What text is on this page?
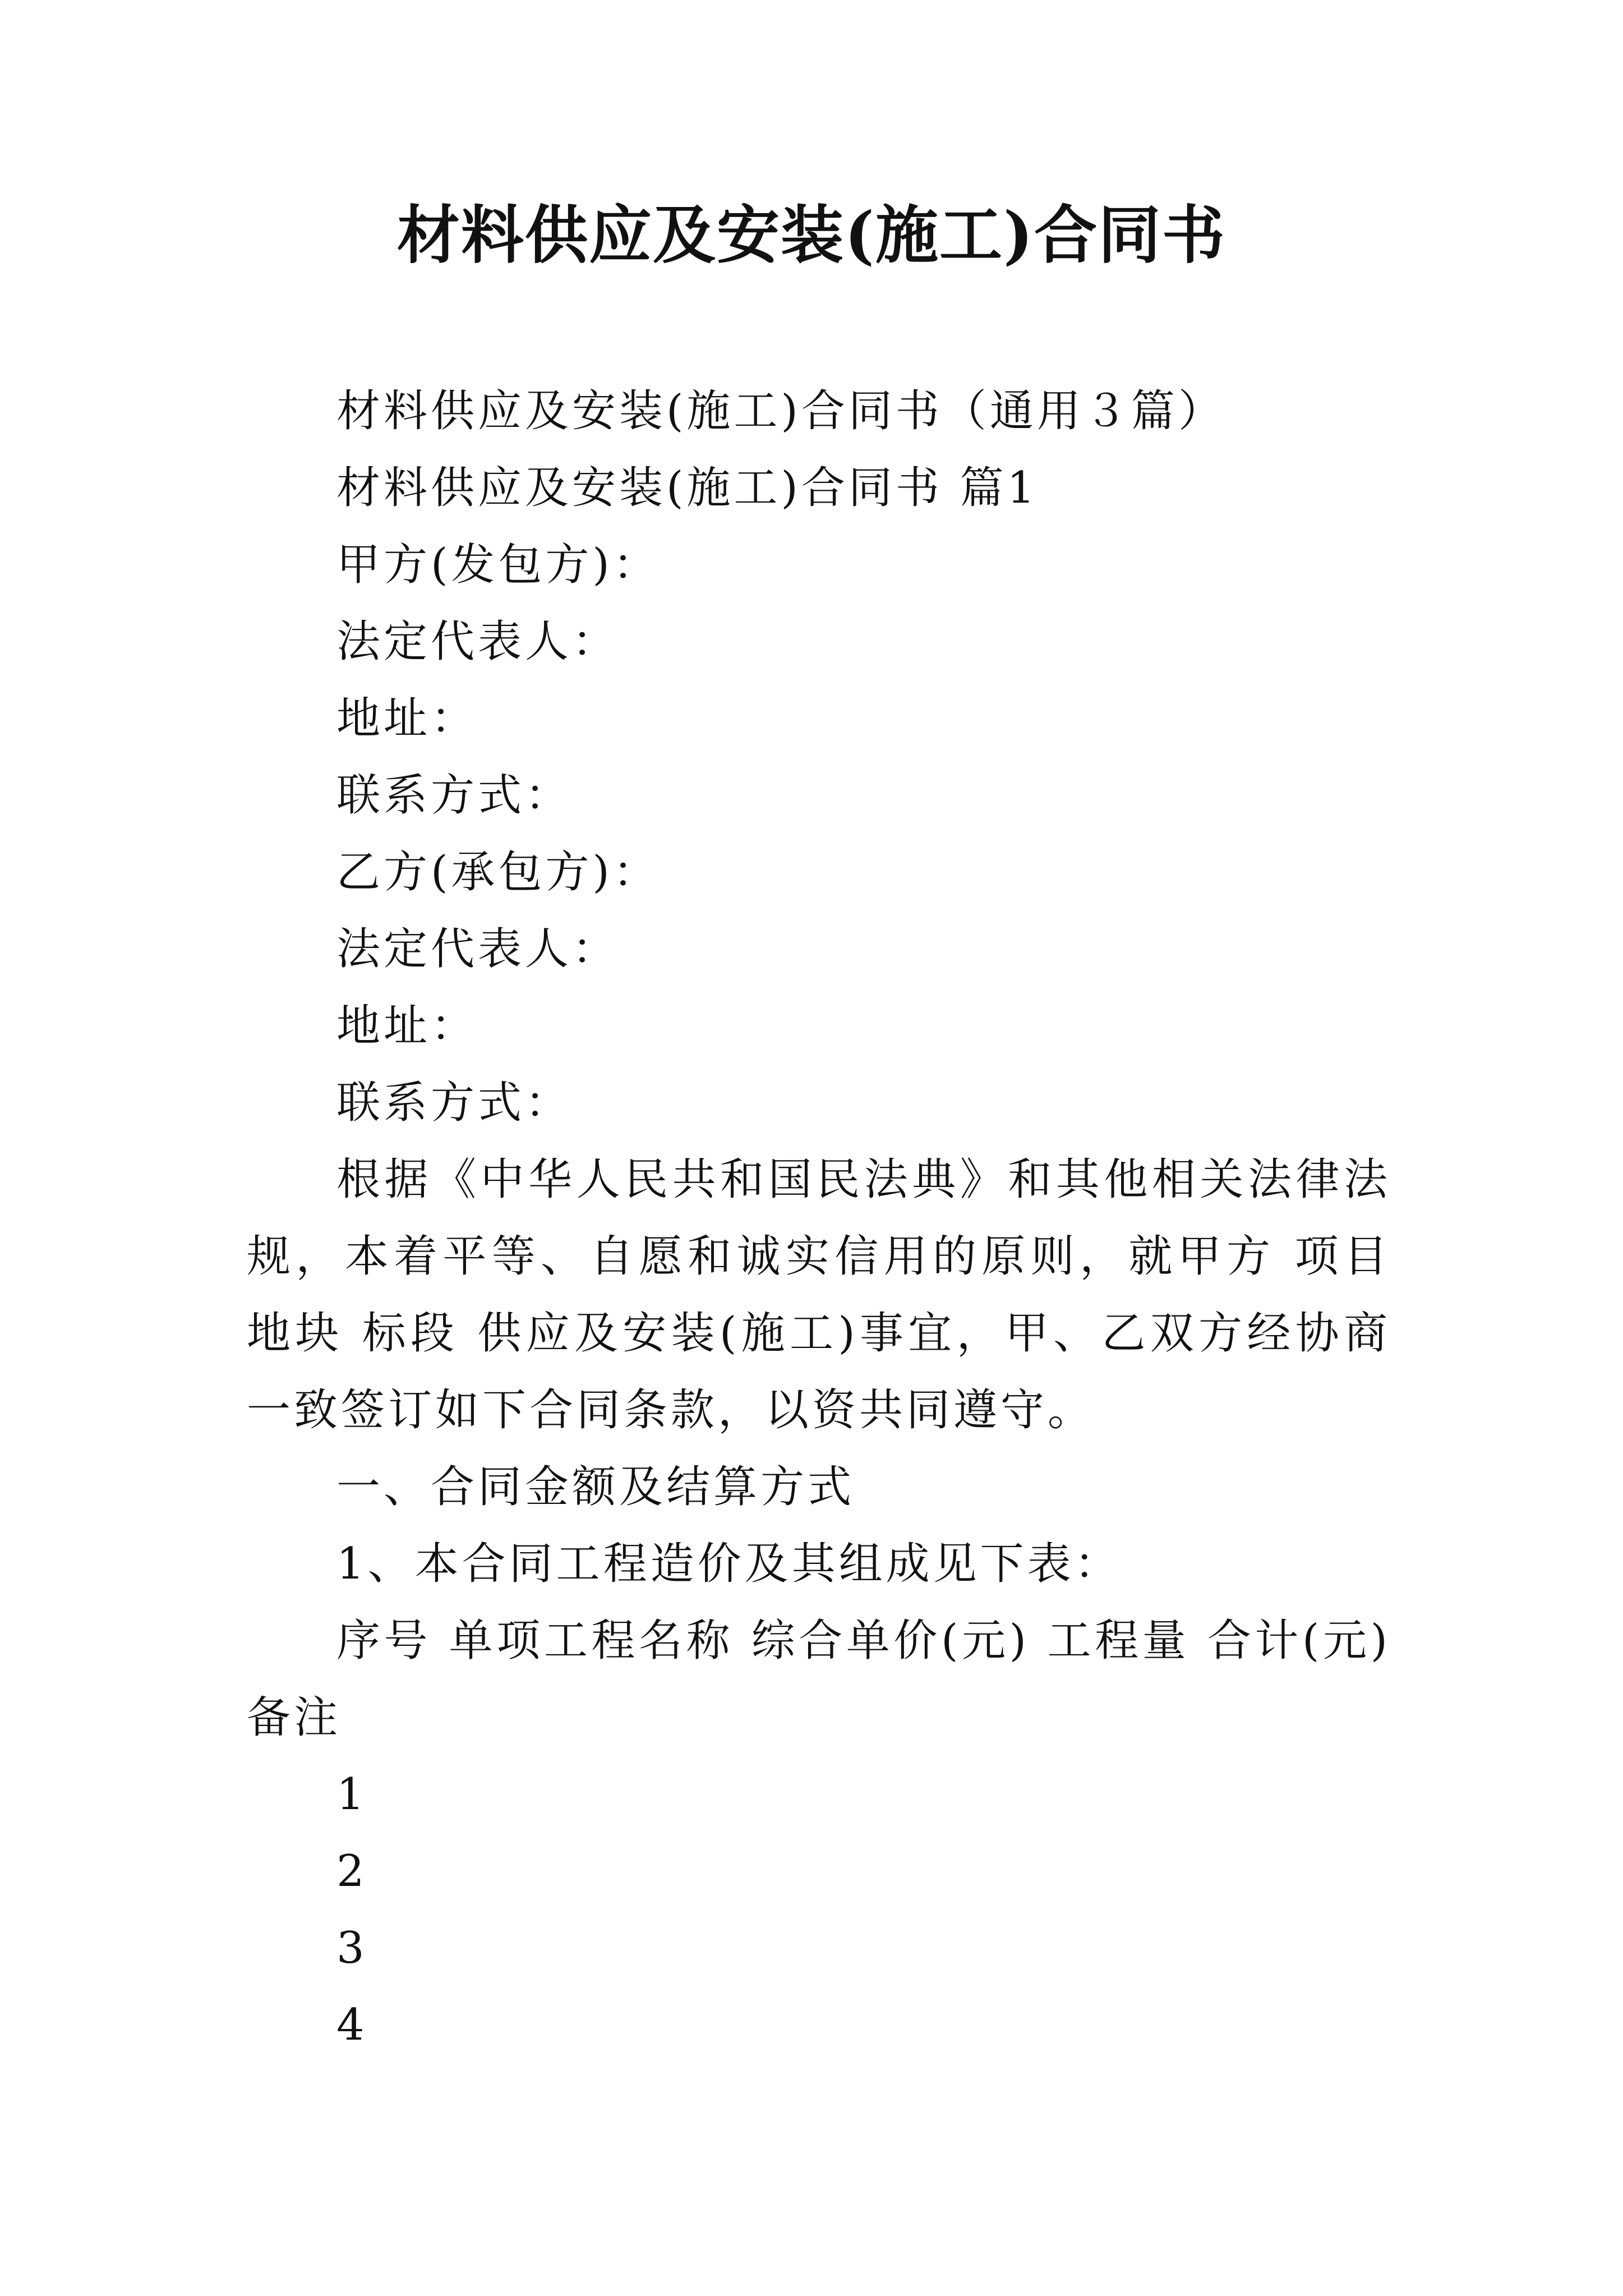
材料供应及安装(施工)合同书

材料供应及安装(施工)合同书（通用３篇）

材料供应及安装(施工)合同书 篇1

甲方(发包方)：

法定代表人：

地址：

联系方式：

乙方(承包方)：

法定代表人：

地址：

联系方式：

根据《中华人民共和国民法典》和其他相关法律法规，本着平等、自愿和诚实信用的原则，就甲方 项目 地块 标段 供应及安装(施工)事宜，甲、乙双方经协商一致签订如下合同条款，以资共同遵守。

一、合同金额及结算方式

1、本合同工程造价及其组成见下表：

序号 单项工程名称 综合单价(元) 工程量 合计(元) 备注

1

2

3

4
